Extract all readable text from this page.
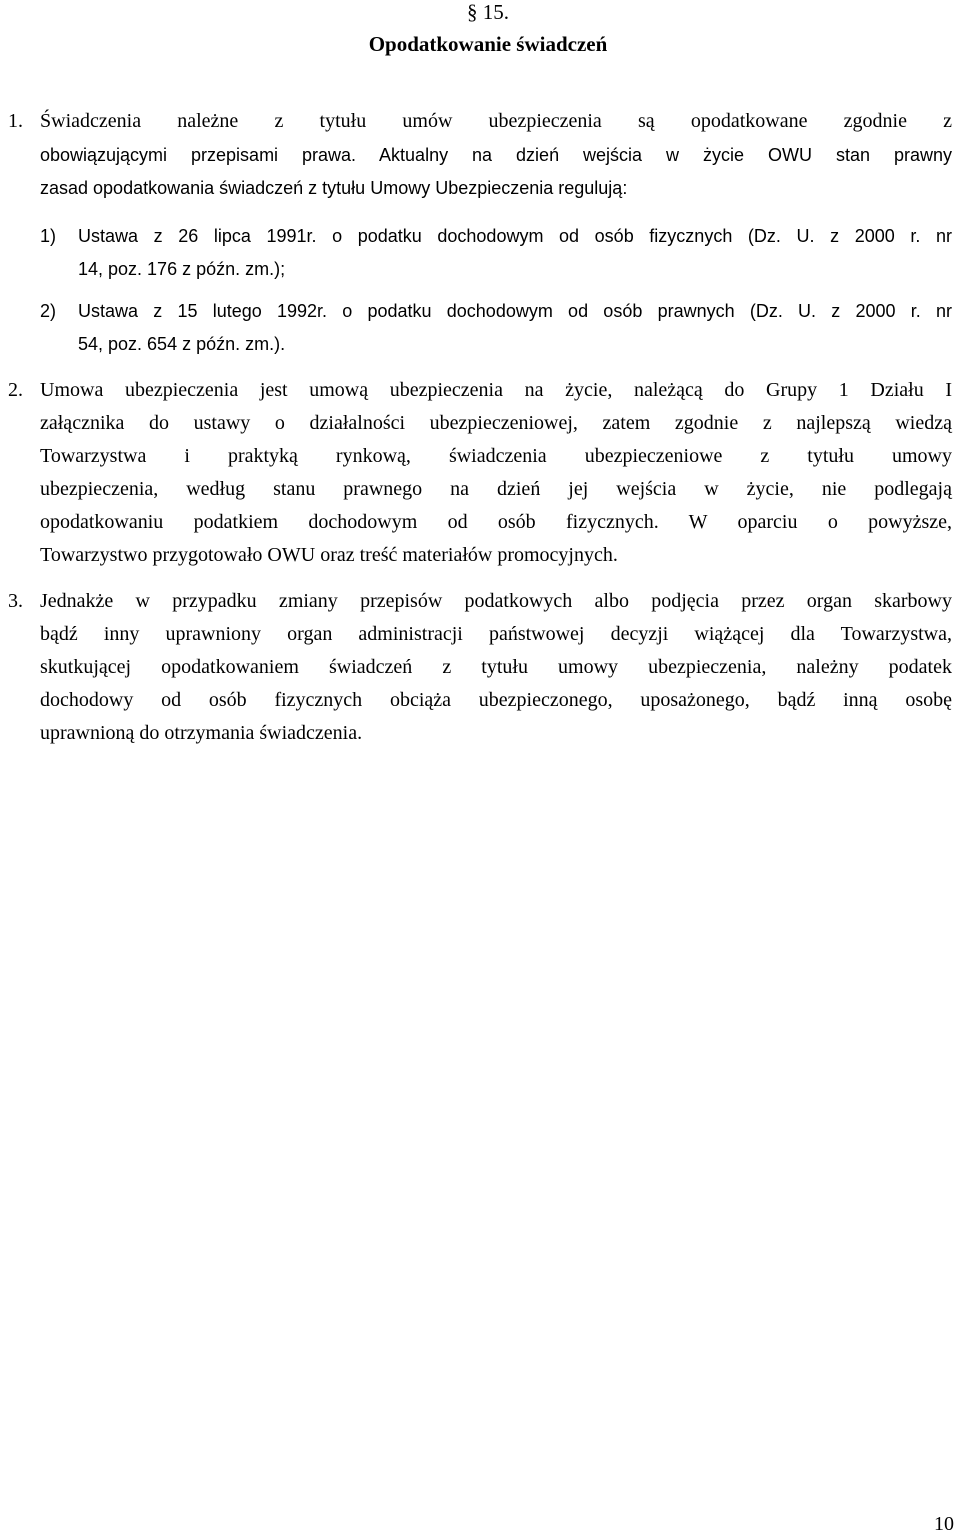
§ 15.
Opodatkowanie świadczeń
1. Świadczenia należne z tytułu umów ubezpieczenia są opodatkowane zgodnie z
obowiązującymi przepisami prawa. Aktualny na dzień wejścia w życie OWU stan prawny
zasad opodatkowania świadczeń z tytułu Umowy Ubezpieczenia regulują:
1) Ustawa z 26 lipca 1991r. o podatku dochodowym od osób fizycznych (Dz. U. z 2000 r. nr
14, poz. 176 z późn. zm.);
2) Ustawa z 15 lutego 1992r. o podatku dochodowym od osób prawnych (Dz. U. z 2000 r. nr
54, poz. 654 z późn. zm.).
2. Umowa ubezpieczenia jest umową ubezpieczenia na życie, należącą do Grupy 1 Działu I
załącznika do ustawy o działalności ubezpieczeniowej, zatem zgodnie z najlepszą wiedzą
Towarzystwa i praktyką rynkową, świadczenia ubezpieczeniowe z tytułu umowy
ubezpieczenia, według stanu prawnego na dzień jej wejścia w życie, nie podlegają
opodatkowaniu podatkiem dochodowym od osób fizycznych. W oparciu o powyższe,
Towarzystwo przygotowało OWU oraz treść materiałów promocyjnych.
3. Jednakże w przypadku zmiany przepisów podatkowych albo podjęcia przez organ skarbowy
bądź inny uprawniony organ administracji państwowej decyzji wiążącej dla Towarzystwa,
skutkującej opodatkowaniem świadczeń z tytułu umowy ubezpieczenia, należny podatek
dochodowy od osób fizycznych obciąża ubezpieczonego, uposażonego, bądź inną osobę
uprawnioną do otrzymania świadczenia.
10
